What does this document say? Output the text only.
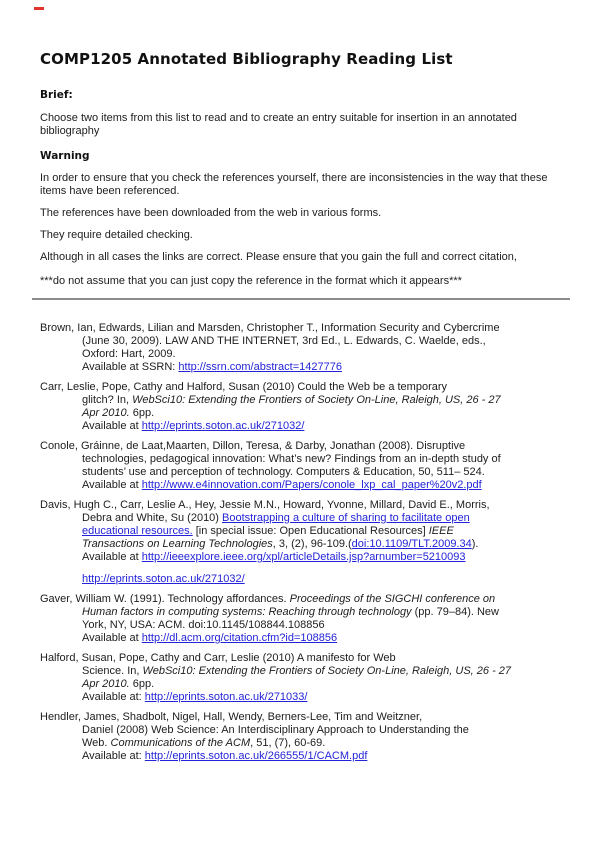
COMP1205 Annotated Bibliography Reading List
Brief:

Choose two items from this list to read and to create an entry suitable for insertion in an annotated bibliography

Warning

In order to ensure that you check the references yourself, there are inconsistencies in the way that these items have been referenced.

The references have been downloaded from the web in various forms.

They require detailed checking.

Although in all cases the links are correct. Please ensure that you gain the full and correct citation,

***do not assume that you can just copy the reference in the format which it appears***

Brown, Ian, Edwards, Lilian and Marsden, Christopher T., Information Security and Cybercrime
(June 30, 2009). LAW AND THE INTERNET, 3rd Ed., L. Edwards, C. Waelde, eds.,
Oxford: Hart, 2009.
Available at SSRN: http://ssrn.com/abstract=1427776
Carr, Leslie, Pope, Cathy and Halford, Susan (2010) Could the Web be a temporary
glitch? In, WebSci10: Extending the Frontiers of Society On-Line, Raleigh, US, 26 - 27
Apr 2010. 6pp.
Available at http://eprints.soton.ac.uk/271032/
Conole, Gráinne, de Laat,Maarten, Dillon, Teresa, & Darby, Jonathan (2008). Disruptive
technologies, pedagogical innovation: What’s new? Findings from an in-depth study of
students’ use and perception of technology. Computers & Education, 50, 511– 524.
Available at http://www.e4innovation.com/Papers/conole_lxp_cal_paper%20v2.pdf
Davis, Hugh C., Carr, Leslie A., Hey, Jessie M.N., Howard, Yvonne, Millard, David E., Morris,
Debra and White, Su (2010) Bootstrapping a culture of sharing to facilitate open
educational resources. [in special issue: Open Educational Resources] IEEE
Transactions on Learning Technologies, 3, (2), 96-109.(doi:10.1109/TLT.2009.34).
Available at http://ieeexplore.ieee.org/xpl/articleDetails.jsp?arnumber=5210093
http://eprints.soton.ac.uk/271032/
Gaver, William W. (1991). Technology affordances. Proceedings of the SIGCHI conference on
Human factors in computing systems: Reaching through technology (pp. 79–84). New
York, NY, USA: ACM. doi:10.1145/108844.108856
Available at http://dl.acm.org/citation.cfm?id=108856
Halford, Susan, Pope, Cathy and Carr, Leslie (2010) A manifesto for Web
Science. In, WebSci10: Extending the Frontiers of Society On-Line, Raleigh, US, 26 - 27
Apr 2010. 6pp.
Available at: http://eprints.soton.ac.uk/271033/
Hendler, James, Shadbolt, Nigel, Hall, Wendy, Berners-Lee, Tim and Weitzner,
Daniel (2008) Web Science: An Interdisciplinary Approach to Understanding the
Web. Communications of the ACM, 51, (7), 60-69.
Available at: http://eprints.soton.ac.uk/266555/1/CACM.pdf
